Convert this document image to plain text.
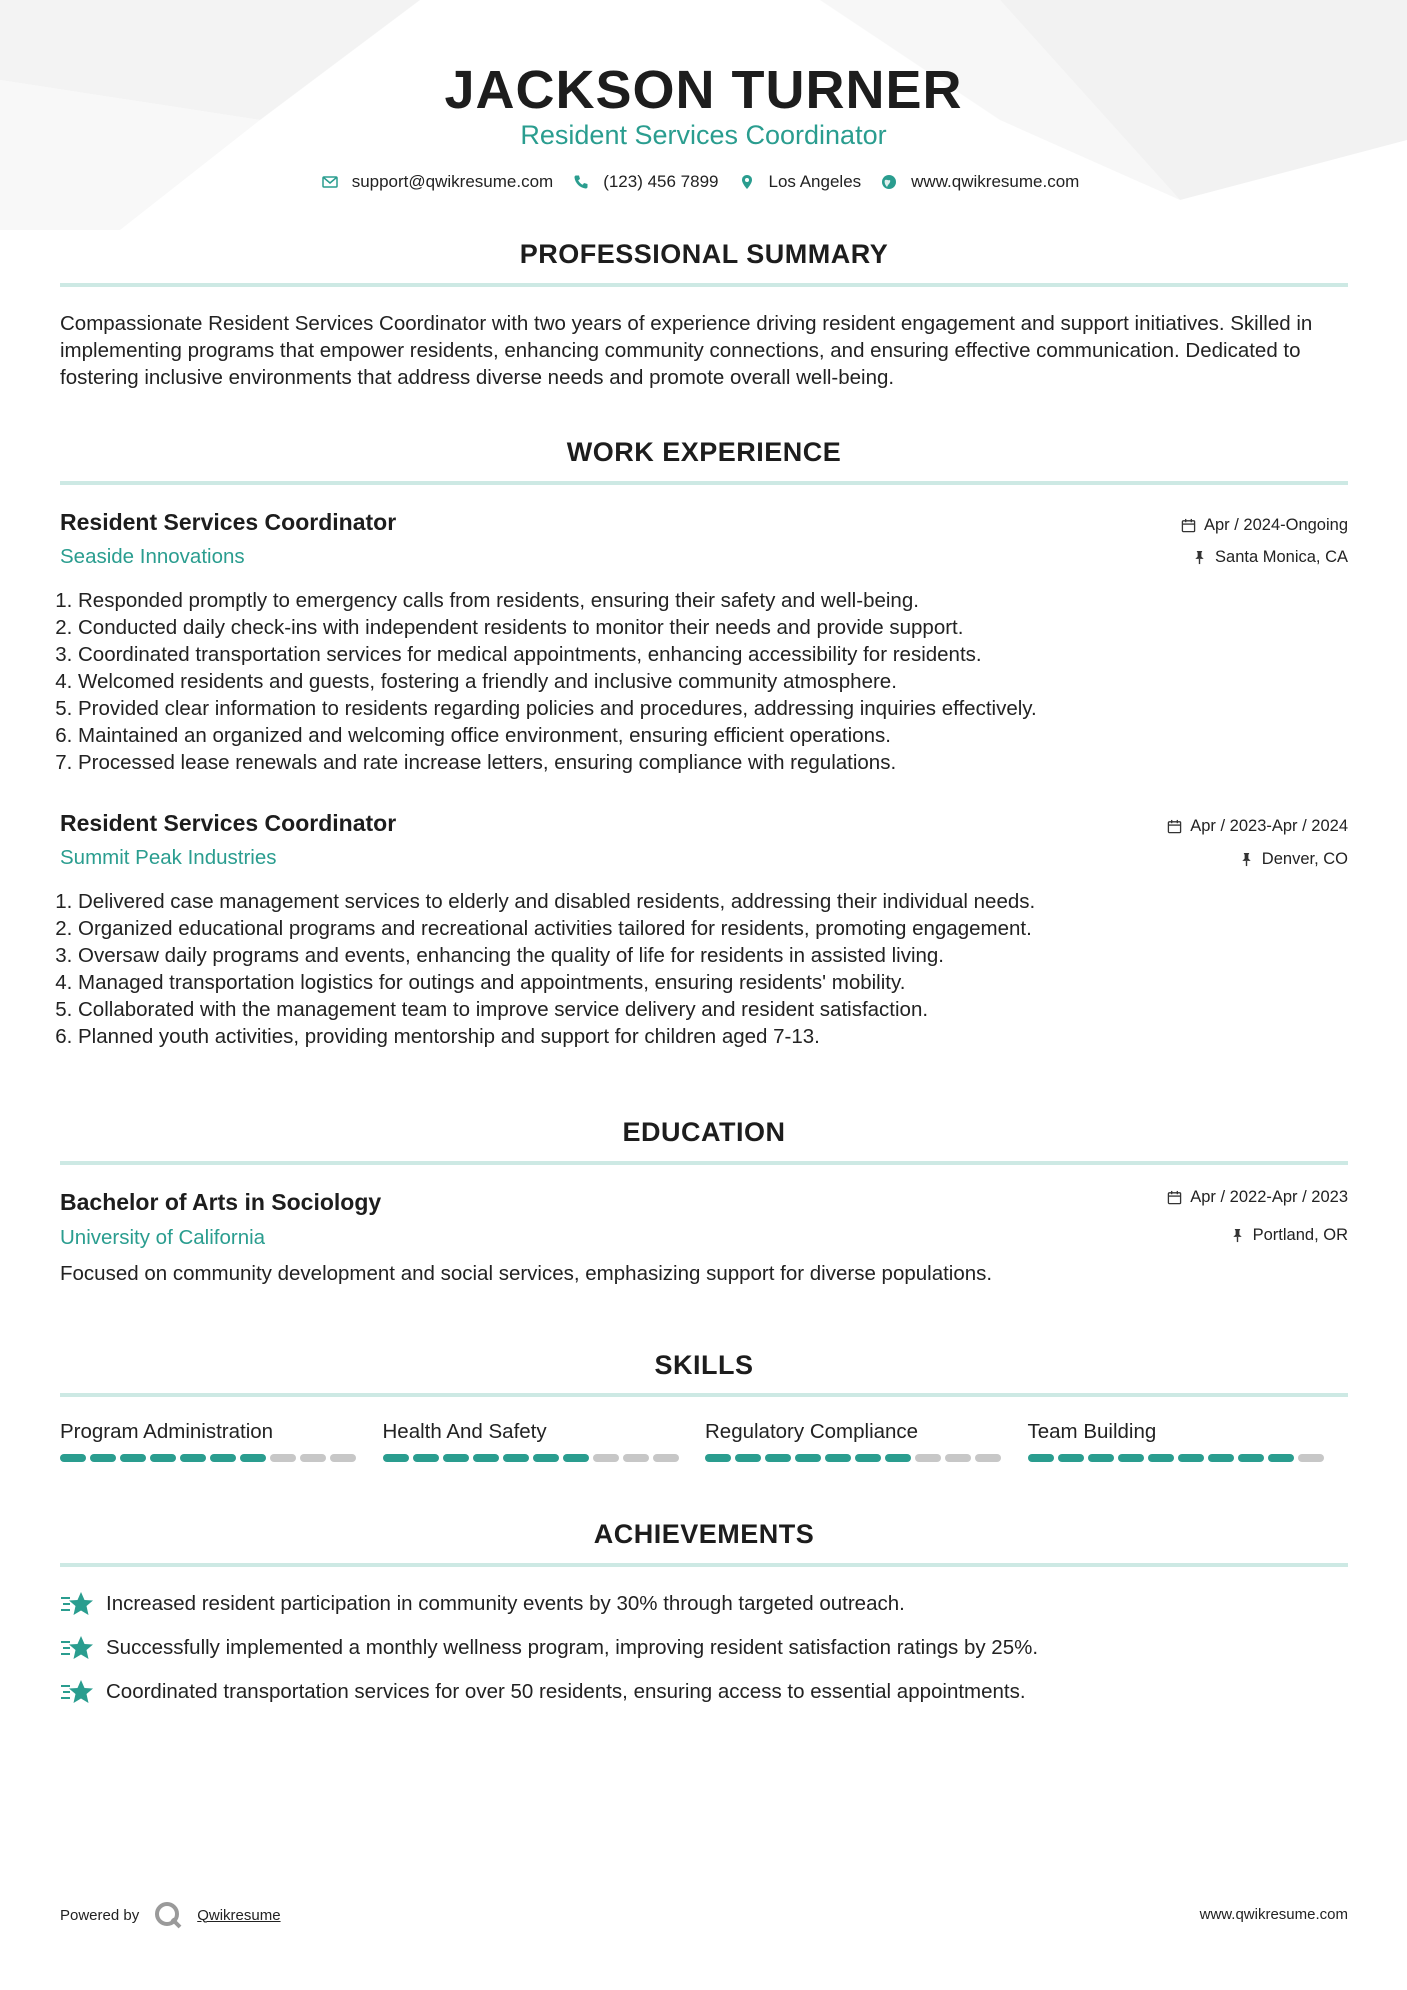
JACKSON TURNER
Resident Services Coordinator
support@qwikresume.com	(123) 456 7899	Los Angeles	www.qwikresume.com
PROFESSIONAL SUMMARY
Compassionate Resident Services Coordinator with two years of experience driving resident engagement and support initiatives. Skilled in implementing programs that empower residents, enhancing community connections, and ensuring effective communication. Dedicated to fostering inclusive environments that address diverse needs and promote overall well-being.
WORK EXPERIENCE
Resident Services Coordinator
Seaside Innovations
Apr / 2024-Ongoing
Santa Monica, CA
1. Responded promptly to emergency calls from residents, ensuring their safety and well-being.
2. Conducted daily check-ins with independent residents to monitor their needs and provide support.
3. Coordinated transportation services for medical appointments, enhancing accessibility for residents.
4. Welcomed residents and guests, fostering a friendly and inclusive community atmosphere.
5. Provided clear information to residents regarding policies and procedures, addressing inquiries effectively.
6. Maintained an organized and welcoming office environment, ensuring efficient operations.
7. Processed lease renewals and rate increase letters, ensuring compliance with regulations.
Resident Services Coordinator
Summit Peak Industries
Apr / 2023-Apr / 2024
Denver, CO
1. Delivered case management services to elderly and disabled residents, addressing their individual needs.
2. Organized educational programs and recreational activities tailored for residents, promoting engagement.
3. Oversaw daily programs and events, enhancing the quality of life for residents in assisted living.
4. Managed transportation logistics for outings and appointments, ensuring residents' mobility.
5. Collaborated with the management team to improve service delivery and resident satisfaction.
6. Planned youth activities, providing mentorship and support for children aged 7-13.
EDUCATION
Bachelor of Arts in Sociology
University of California
Apr / 2022-Apr / 2023
Portland, OR
Focused on community development and social services, emphasizing support for diverse populations.
SKILLS
Program Administration	Health And Safety	Regulatory Compliance	Team Building
ACHIEVEMENTS
Increased resident participation in community events by 30% through targeted outreach.
Successfully implemented a monthly wellness program, improving resident satisfaction ratings by 25%.
Coordinated transportation services for over 50 residents, ensuring access to essential appointments.
Powered by	Qwikresume	www.qwikresume.com
